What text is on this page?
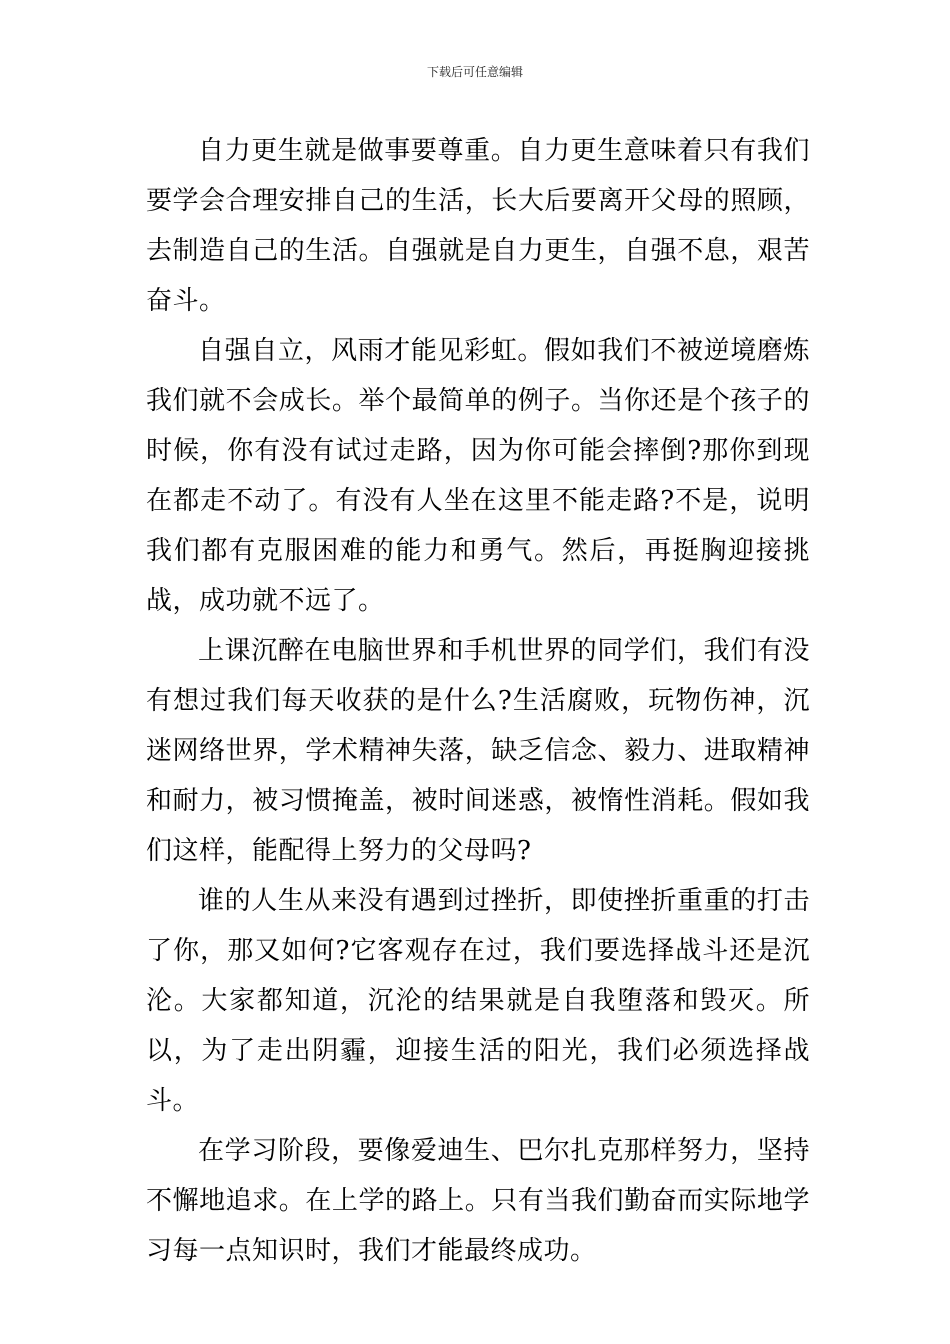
下载后可任意编辑

自力更生就是做事要尊重。自力更生意味着只有我们要学会合理安排自己的生活，长大后要离开父母的照顾，去制造自己的生活。自强就是自力更生，自强不息，艰苦奋斗。

自强自立，风雨才能见彩虹。假如我们不被逆境磨炼我们就不会成长。举个最简单的例子。当你还是个孩子的时候，你有没有试过走路，因为你可能会摔倒?那你到现在都走不动了。有没有人坐在这里不能走路?不是，说明我们都有克服困难的能力和勇气。然后，再挺胸迎接挑战，成功就不远了。

上课沉醉在电脑世界和手机世界的同学们，我们有没有想过我们每天收获的是什么?生活腐败，玩物伤神，沉迷网络世界，学术精神失落，缺乏信念、毅力、进取精神和耐力，被习惯掩盖，被时间迷惑，被惰性消耗。假如我们这样，能配得上努力的父母吗?

谁的人生从来没有遇到过挫折，即使挫折重重的打击了你，那又如何?它客观存在过，我们要选择战斗还是沉沦。大家都知道，沉沦的结果就是自我堕落和毁灭。所以，为了走出阴霾，迎接生活的阳光，我们必须选择战斗。

在学习阶段，要像爱迪生、巴尔扎克那样努力，坚持不懈地追求。在上学的路上。只有当我们勤奋而实际地学习每一点知识时，我们才能最终成功。
